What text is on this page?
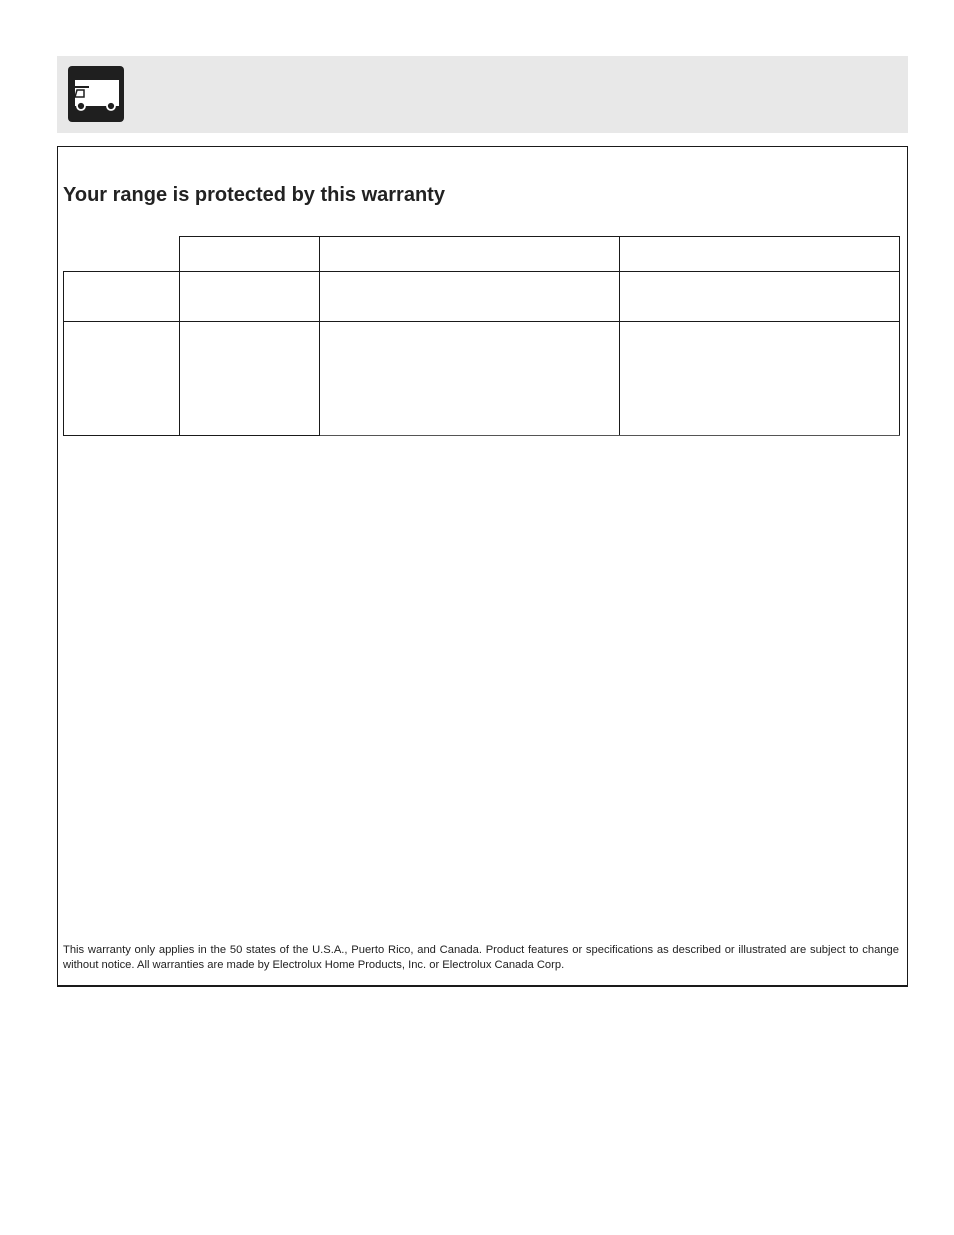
Your range is protected by this warranty

This warranty only applies in the 50 states of the U.S.A., Puerto Rico, and Canada. Product features or specifications as described or illustrated are subject to change without notice. All warranties are made by Electrolux Home Products, Inc. or Electrolux Canada Corp.
